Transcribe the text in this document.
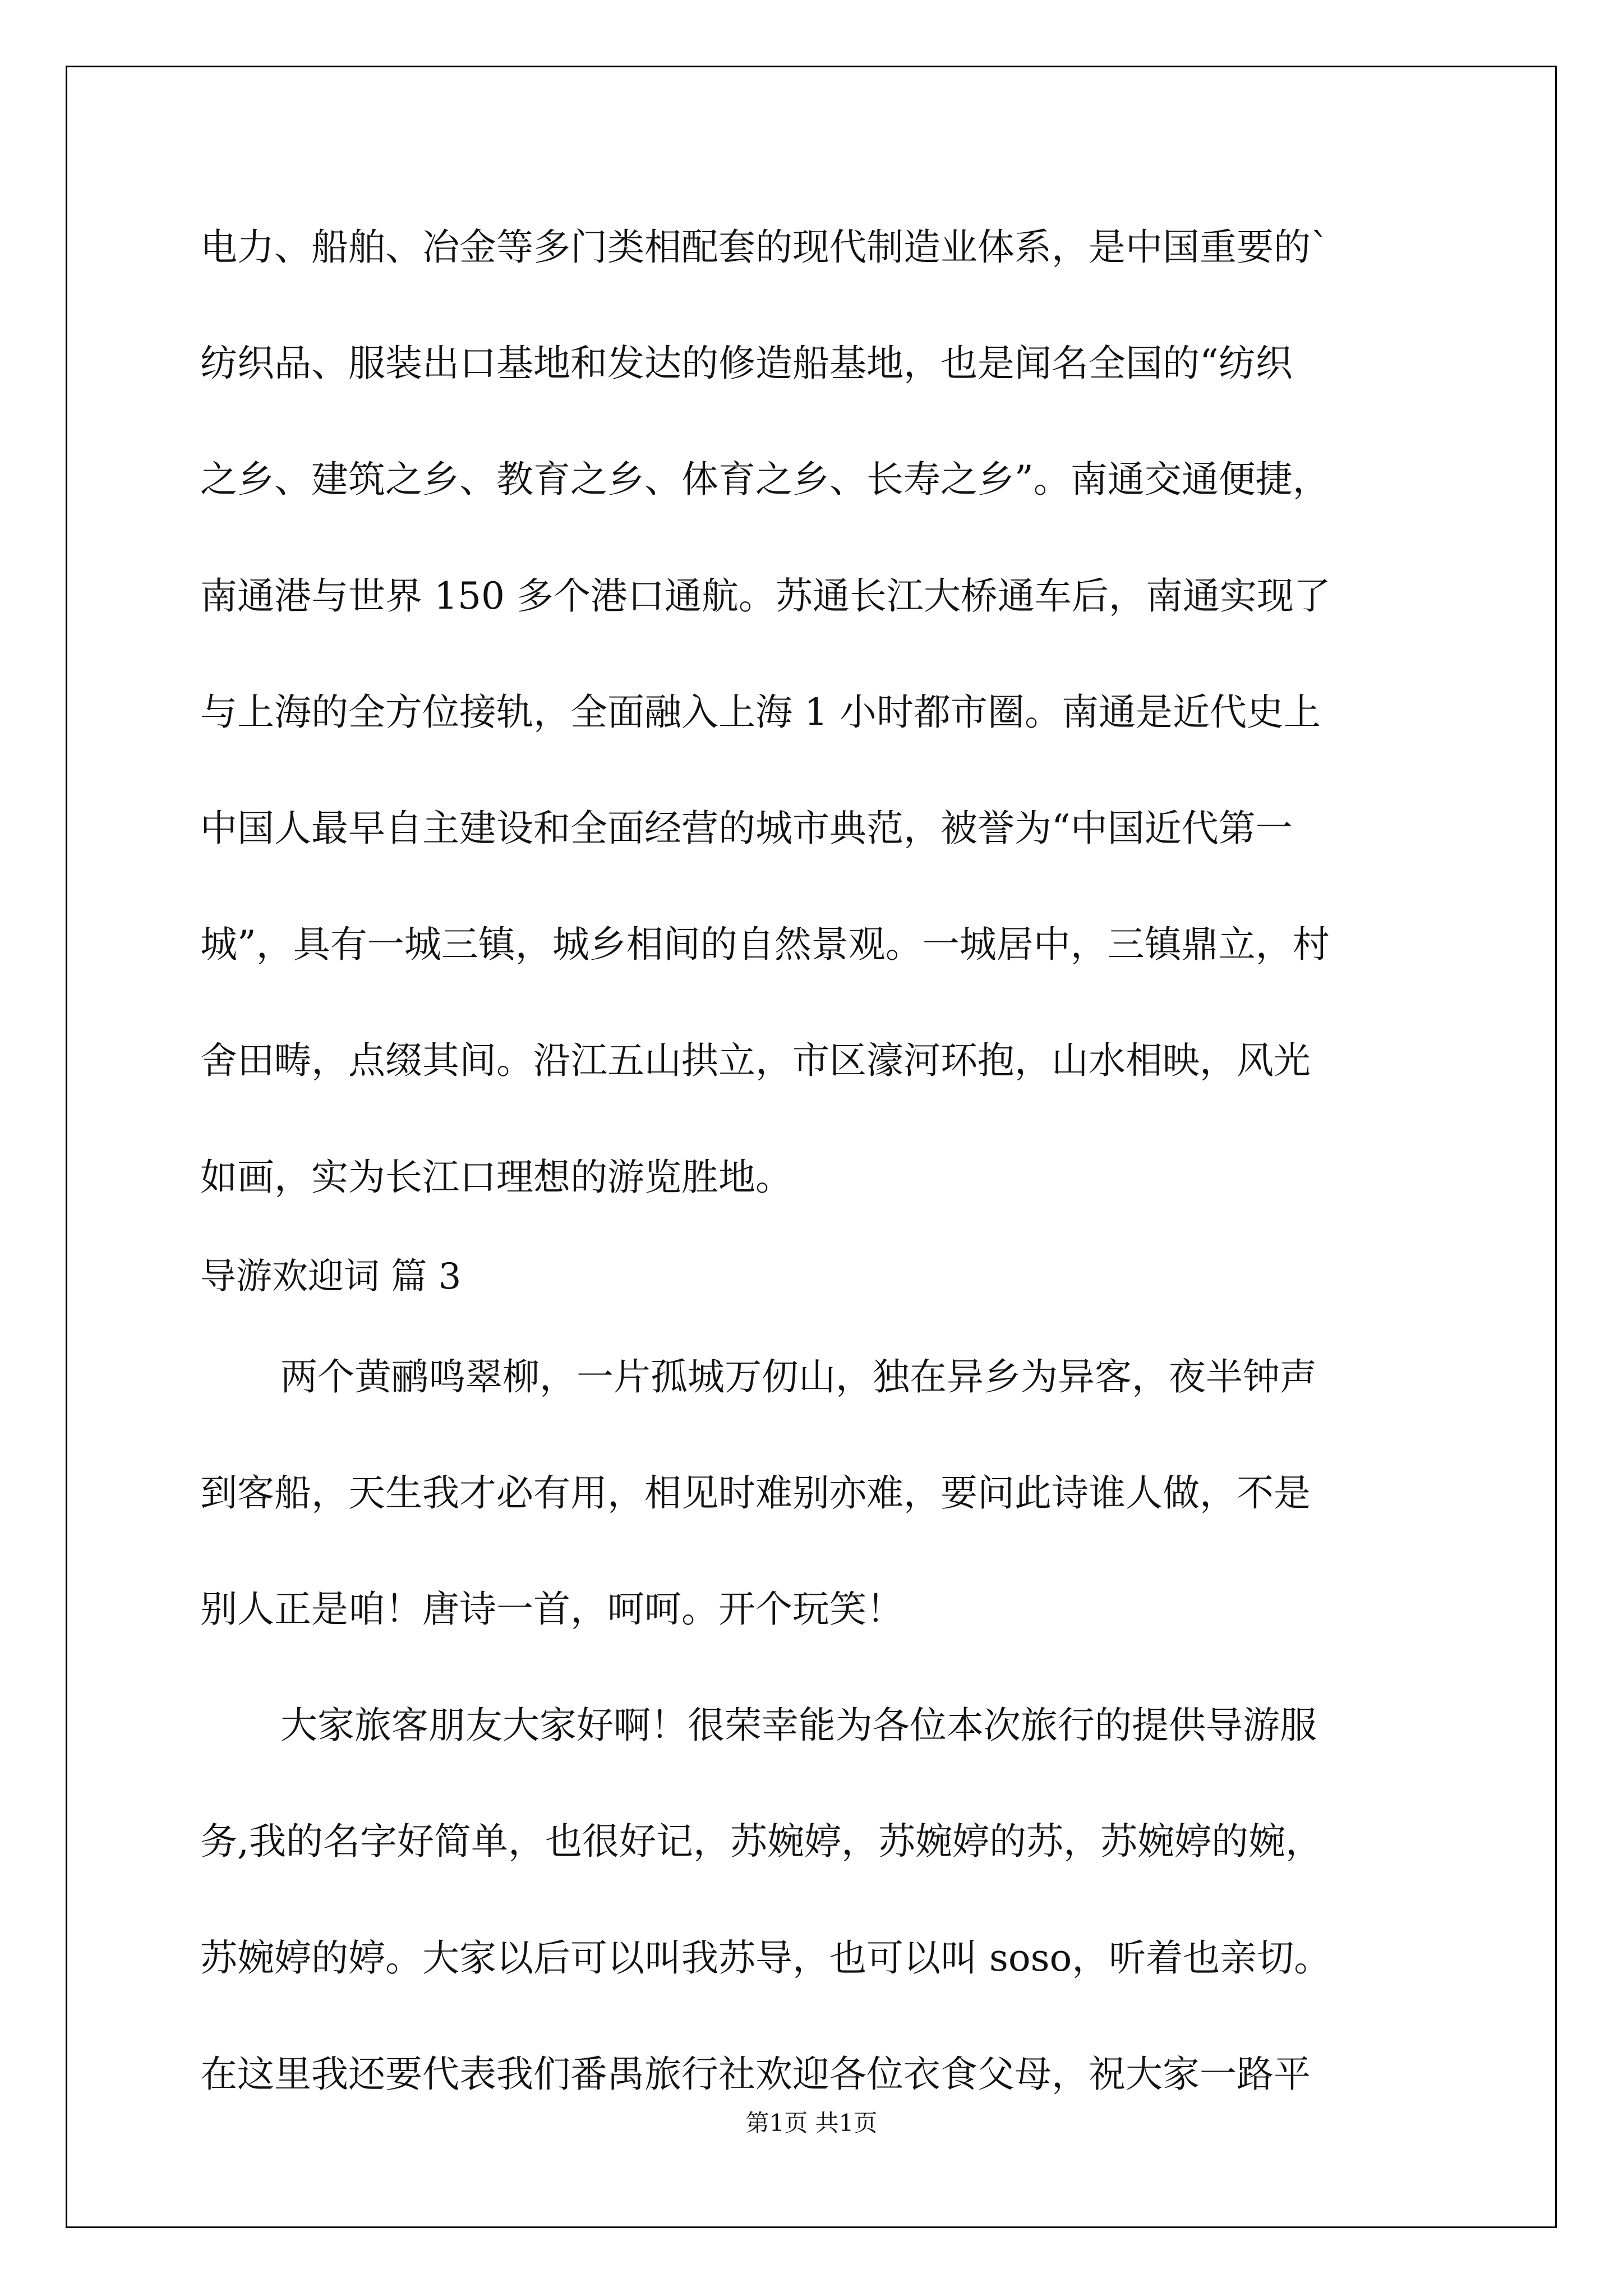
电力、船舶、冶金等多门类相配套的现代制造业体系，是中国重要的`
纺织品、服装出口基地和发达的修造船基地，也是闻名全国的“纺织
之乡、建筑之乡、教育之乡、体育之乡、长寿之乡”。南通交通便捷，
南通港与世界 150 多个港口通航。苏通长江大桥通车后，南通实现了
与上海的全方位接轨，全面融入上海 1 小时都市圈。南通是近代史上
中国人最早自主建设和全面经营的城市典范，被誉为“中国近代第一
城”，具有一城三镇，城乡相间的自然景观。一城居中，三镇鼎立，村
舍田畴，点缀其间。沿江五山拱立，市区濠河环抱，山水相映，风光
如画，实为长江口理想的游览胜地。
导游欢迎词 篇 3
两个黄鹂鸣翠柳，一片孤城万仞山，独在异乡为异客，夜半钟声
到客船，天生我才必有用，相见时难别亦难，要问此诗谁人做，不是
别人正是咱！唐诗一首，呵呵。开个玩笑！
大家旅客朋友大家好啊！很荣幸能为各位本次旅行的提供导游服
务,我的名字好简单，也很好记，苏婉婷，苏婉婷的苏，苏婉婷的婉，
苏婉婷的婷。大家以后可以叫我苏导，也可以叫 soso，听着也亲切。
在这里我还要代表我们番禺旅行社欢迎各位衣食父母，祝大家一路平
第1页 共1页
